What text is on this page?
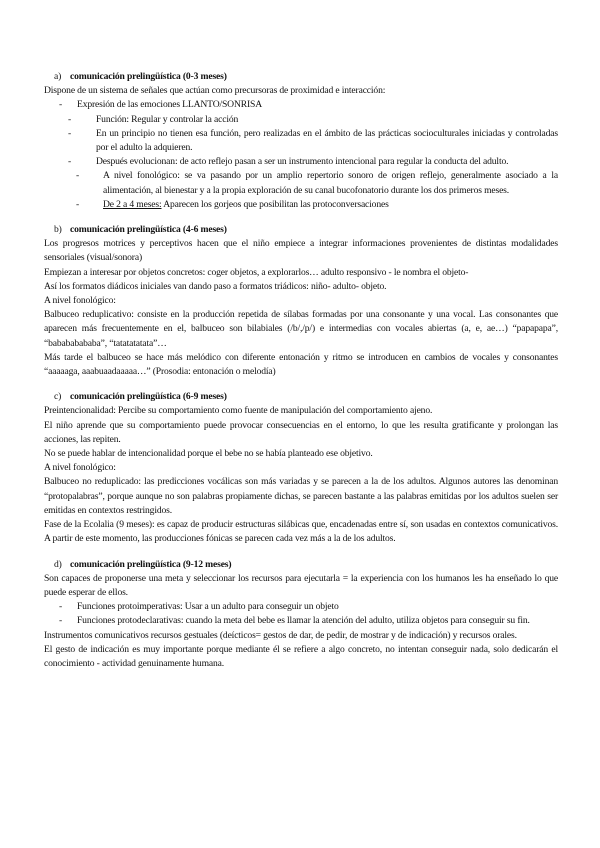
a) comunicación prelingüística (0-3 meses)

Dispone de un sistema de señales que actúan como precursoras de proximidad e interacción:

- Expresión de las emociones LLANTO/SONRISA
- Función: Regular y controlar la acción
- En un principio no tienen esa función, pero realizadas en el ámbito de las prácticas socioculturales iniciadas y controladas por el adulto la adquieren.
- Después evolucionan: de acto reflejo pasan a ser un instrumento intencional para regular la conducta del adulto.
- A nivel fonológico: se va pasando por un amplio repertorio sonoro de origen reflejo, generalmente asociado a la alimentación, al bienestar y a la propia exploración de su canal bucofonatorio durante los dos primeros meses.
- De 2 a 4 meses: Aparecen los gorjeos que posibilitan las protoconversaciones
b) comunicación prelingüística (4-6 meses)

Los progresos motrices y perceptivos hacen que el niño empiece a integrar informaciones provenientes de distintas modalidades sensoriales (visual/sonora)

Empiezan a interesar por objetos concretos: coger objetos, a explorarlos… adulto responsivo - le nombra el objeto-

Así los formatos diádicos iniciales van dando paso a formatos triádicos: niño- adulto- objeto.

A nivel fonológico:

Balbuceo reduplicativo: consiste en la producción repetida de sílabas formadas por una consonante y una vocal. Las consonantes que aparecen más frecuentemente en el, balbuceo son bilabiales (/b/,/p/) e intermedias con vocales abiertas (a, e, ae…) “papapapa”, “babababababa”, “tatatatatata”…

Más tarde el balbuceo se hace más melódico con diferente entonación y ritmo se introducen en cambios de vocales y consonantes “aaaaaga, aaabuaadaaaaa…” (Prosodia: entonación o melodía)

c) comunicación prelingüística (6-9 meses)

Preintencionalidad: Percibe su comportamiento como fuente de manipulación del comportamiento ajeno.

El niño aprende que su comportamiento puede provocar consecuencias en el entorno, lo que les resulta gratificante y prolongan las acciones, las repiten.

No se puede hablar de intencionalidad porque el bebe no se había planteado ese objetivo.

A nivel fonológico:

Balbuceo no reduplicado: las predicciones vocálicas son más variadas y se parecen a la de los adultos. Algunos autores las denominan “protopalabras”, porque aunque no son palabras propiamente dichas, se parecen bastante a las palabras emitidas por los adultos suelen ser emitidas en contextos restringidos.

Fase de la Ecolalia (9 meses): es capaz de producir estructuras silábicas que, encadenadas entre sí, son usadas en contextos comunicativos. A partir de este momento, las producciones fónicas se parecen cada vez más a la de los adultos.

d) comunicación prelingüística (9-12 meses)

Son capaces de proponerse una meta y seleccionar los recursos para ejecutarla = la experiencia con los humanos les ha enseñado lo que puede esperar de ellos.

- Funciones protoimperativas: Usar a un adulto para conseguir un objeto
- Funciones protodeclarativas: cuando la meta del bebe es llamar la atención del adulto, utiliza objetos para conseguir su fin.

Instrumentos comunicativos recursos gestuales (deícticos= gestos de dar, de pedir, de mostrar y de indicación) y recursos orales.

El gesto de indicación es muy importante porque mediante él se refiere a algo concreto, no intentan conseguir nada, solo dedicarán el conocimiento - actividad genuinamente humana.
